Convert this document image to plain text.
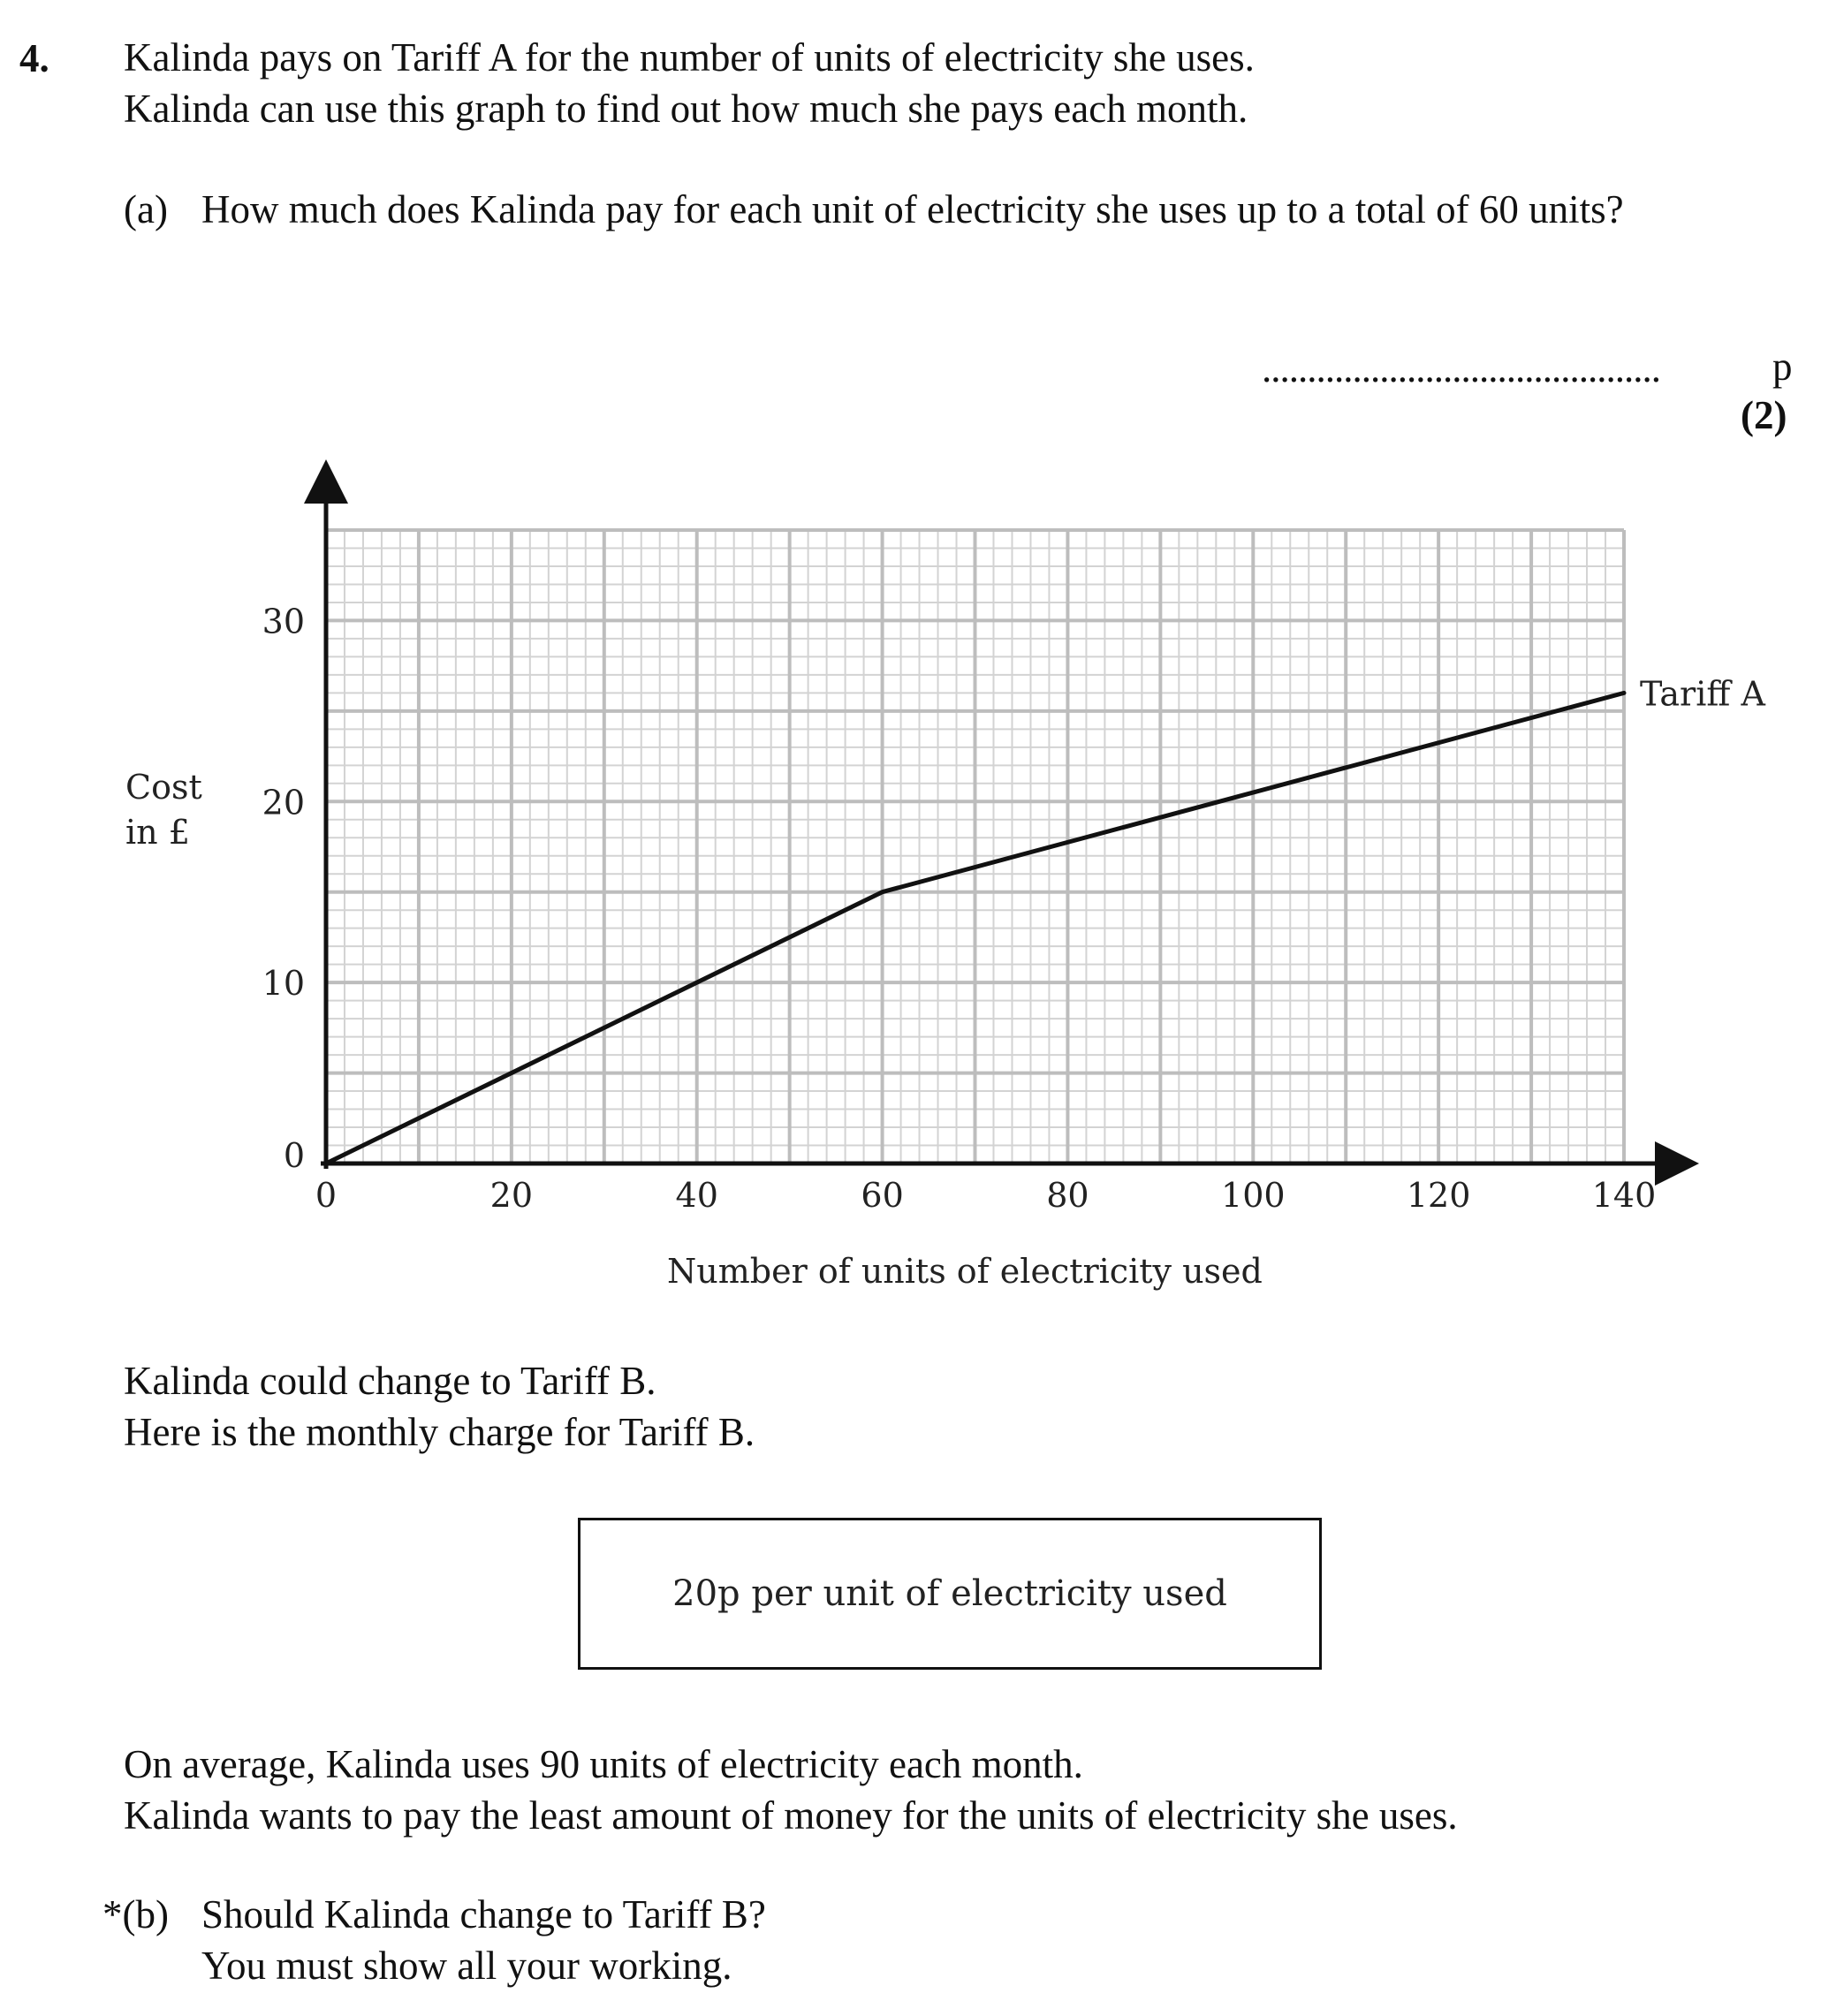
4. Kalinda pays on Tariff A for the number of units of electricity she uses.
Kalinda can use this graph to find out how much she pays each month.
(a) How much does Kalinda pay for each unit of electricity she uses up to a total of 60 units?
............................................	p
(2)
0	20	40	60	80	100	120	140
0
10
20
30
Tariff A
Number of units of electricity used
Cost
in £
Kalinda could change to Tariff B.
Here is the monthly charge for Tariff B.
20p per unit of electricity used
On average, Kalinda uses 90 units of electricity each month.
Kalinda wants to pay the least amount of money for the units of electricity she uses.
*(b) Should Kalinda change to Tariff B?
You must show all your working.
